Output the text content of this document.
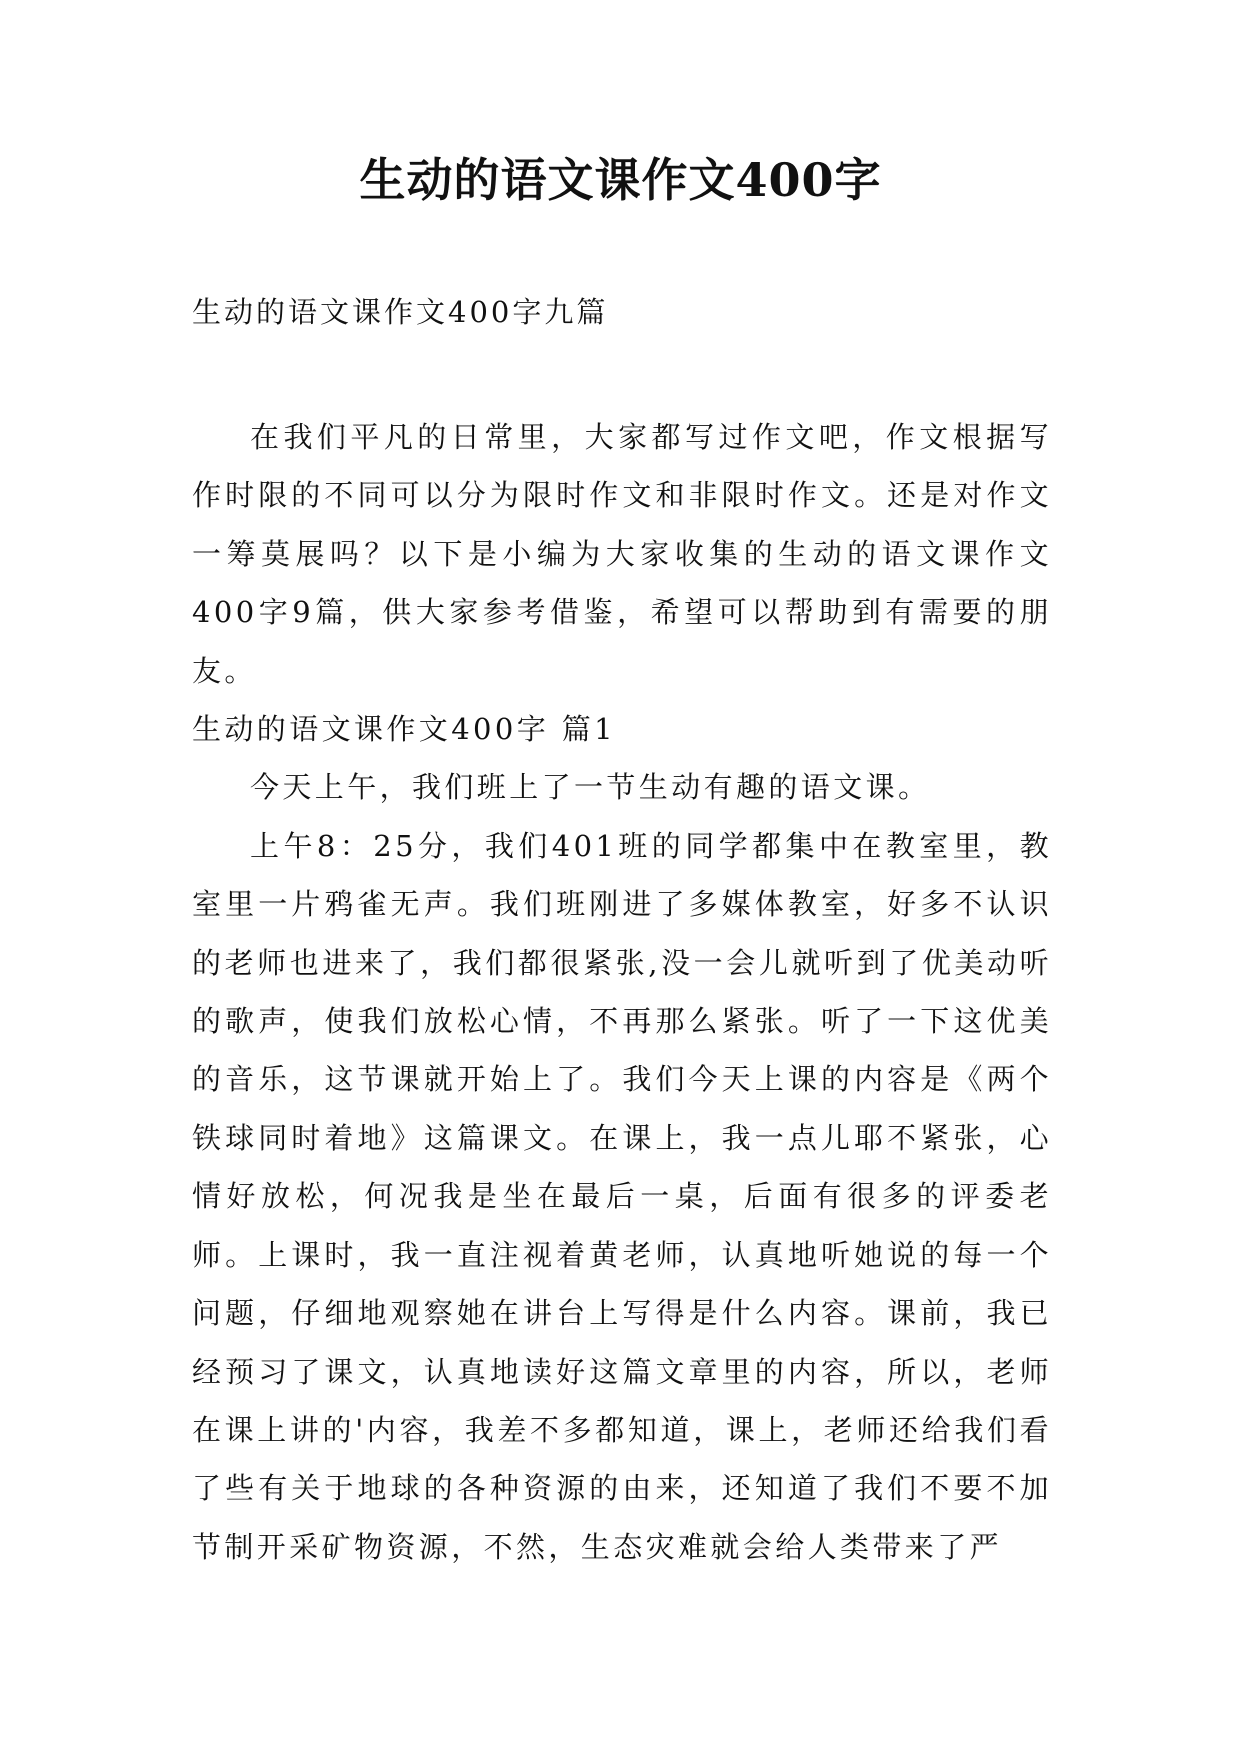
生动的语文课作文400字
生动的语文课作文400字九篇

在我们平凡的日常里，大家都写过作文吧，作文根据写作时限的不同可以分为限时作文和非限时作文。还是对作文一筹莫展吗？以下是小编为大家收集的生动的语文课作文400字9篇，供大家参考借鉴，希望可以帮助到有需要的朋友。

生动的语文课作文400字 篇1

今天上午，我们班上了一节生动有趣的语文课。

上午8：25分，我们401班的同学都集中在教室里，教室里一片鸦雀无声。我们班刚进了多媒体教室，好多不认识的老师也进来了，我们都很紧张,没一会儿就听到了优美动听的歌声，使我们放松心情，不再那么紧张。听了一下这优美的音乐，这节课就开始上了。我们今天上课的内容是《两个铁球同时着地》这篇课文。在课上，我一点儿耶不紧张，心情好放松，何况我是坐在最后一桌，后面有很多的评委老师。上课时，我一直注视着黄老师，认真地听她说的每一个问题，仔细地观察她在讲台上写得是什么内容。课前，我已经预习了课文，认真地读好这篇文章里的内容，所以，老师在课上讲的'内容，我差不多都知道，课上，老师还给我们看了些有关于地球的各种资源的由来，还知道了我们不要不加节制开采矿物资源，不然，生态灾难就会给人类带来了严
